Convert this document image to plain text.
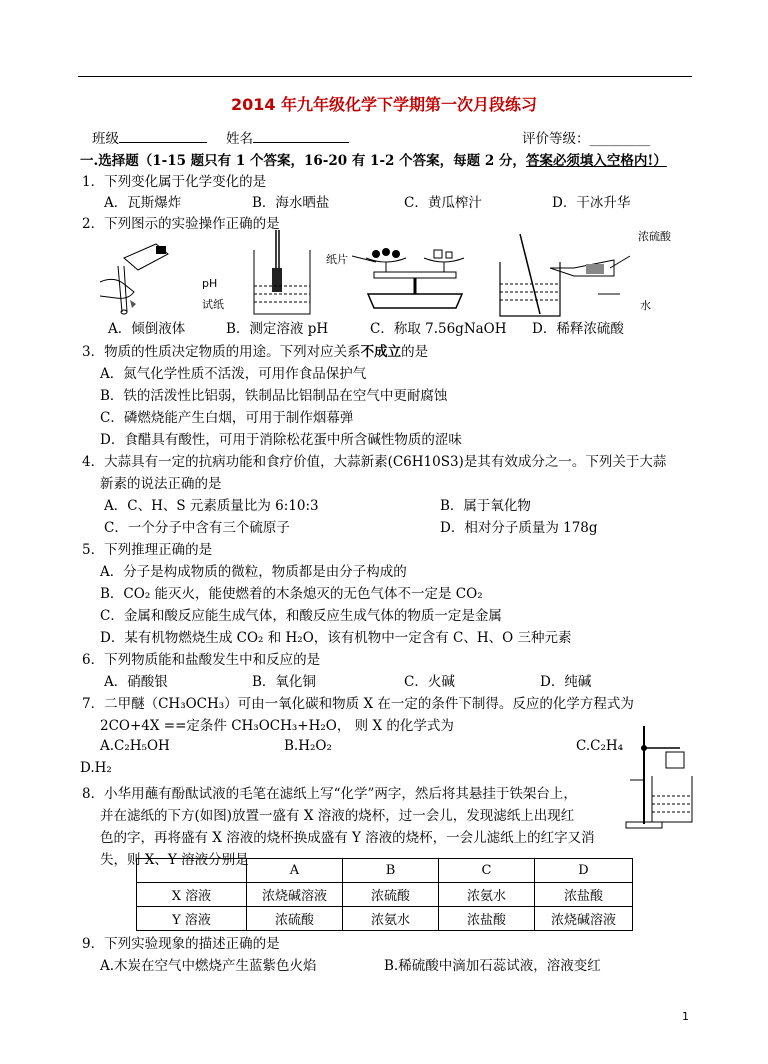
2014 年九年级化学下学期第一次月段练习
班级	姓名	评价等级：_________
一.选择题（1-15 题只有 1 个答案，16-20 有 1-2 个答案，每题 2 分，答案必须填入空格内!）
1．下列变化属于化学变化的是
A．瓦斯爆炸	B．海水晒盐	C．黄瓜榨汁	D．干冰升华
2．下列图示的实验操作正确的是
pH
试纸
纸片
浓硫酸
水
A．倾倒液体	B．测定溶液 pH	C．称取 7.56gNaOH D．稀释浓硫酸
3．物质的性质决定物质的用途。下列对应关系不成立的是
A．氮气化学性质不活泼，可用作食品保护气
B．铁的活泼性比铝弱，铁制品比铝制品在空气中更耐腐蚀
C．磷燃烧能产生白烟，可用于制作烟幕弹
D．食醋具有酸性，可用于消除松花蛋中所含碱性物质的涩味
4．大蒜具有一定的抗病功能和食疗价值，大蒜新素(C6H10S3)是其有效成分之一。下列关于大蒜
新素的说法正确的是
A．C、H、S 元素质量比为 6:10:3	B．属于氧化物
C．一个分子中含有三个硫原子	D．相对分子质量为 178g
5．下列推理正确的是
A．分子是构成物质的微粒，物质都是由分子构成的
B．CO₂ 能灭火，能使燃着的木条熄灭的无色气体不一定是 CO₂
C．金属和酸反应能生成气体，和酸反应生成气体的物质一定是金属
D．某有机物燃烧生成 CO₂ 和 H₂O，该有机物中一定含有 C、H、O 三种元素
6．下列物质能和盐酸发生中和反应的是
A．硝酸银	B．氧化铜	C．火碱	D．纯碱
7．二甲醚（CH₃OCH₃）可由一氧化碳和物质 X 在一定的条件下制得。反应的化学方程式为
2CO+4X ==定条件 CH₃OCH₃+H₂O， 则 X 的化学式为
A.C₂H₅OH	B.H₂O₂	C.C₂H₄
D.H₂
8．小华用蘸有酚酞试液的毛笔在滤纸上写“化学”两字，然后将其悬挂于铁架台上，
并在滤纸的下方(如图)放置一盛有 X 溶液的烧杯，过一会儿，发现滤纸上出现红
色的字，再将盛有 X 溶液的烧杯换成盛有 Y 溶液的烧杯，一会儿滤纸上的红字又消
失，则 X、Y 溶液分别是
	A	B	C	D
X 溶液	浓烧碱溶液	浓硫酸	浓氨水	浓盐酸
Y 溶液	浓硫酸	浓氨水	浓盐酸	浓烧碱溶液
9．下列实验现象的描述正确的是
A.木炭在空气中燃烧产生蓝紫色火焰	B.稀硫酸中滴加石蕊试液，溶液变红
1
